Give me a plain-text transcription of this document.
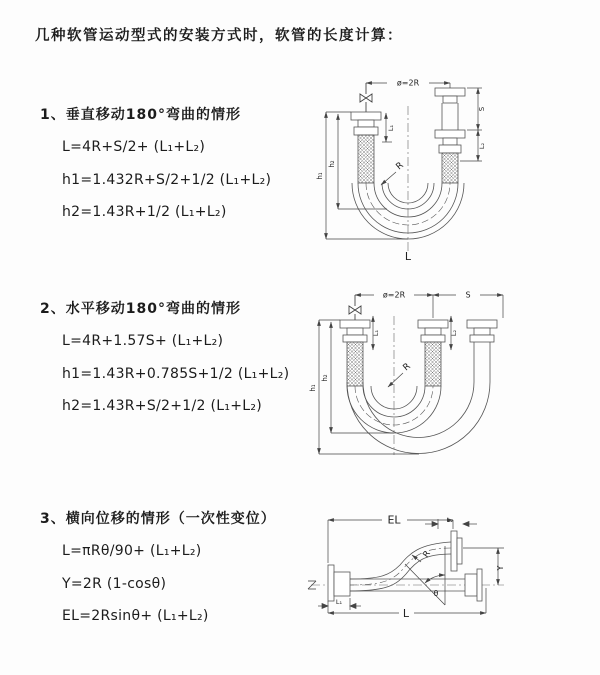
几种软管运动型式的安装方式时，软管的长度计算：
1、垂直移动180°弯曲的情形
L=4R+S/2+ (L₁+L₂)
h1=1.432R+S/2+1/2 (L₁+L₂)
h2=1.43R+1/2 (L₁+L₂)
2、水平移动180°弯曲的情形
L=4R+1.57S+ (L₁+L₂)
h1=1.43R+0.785S+1/2 (L₁+L₂)
h2=1.43R+S/2+1/2 (L₁+L₂)
3、横向位移的情形（一次性变位）
L=πRθ/90+ (L₁+L₂)
Y=2R (1-cosθ)
EL=2Rsinθ+ (L₁+L₂)
ø=2R
L₁
S
L₂
h₁
h₂	R
L
ø=2R	S
L₁	L₂
h₁
h₂
R
θ
R
EL	L₂
Y
L
L₁
